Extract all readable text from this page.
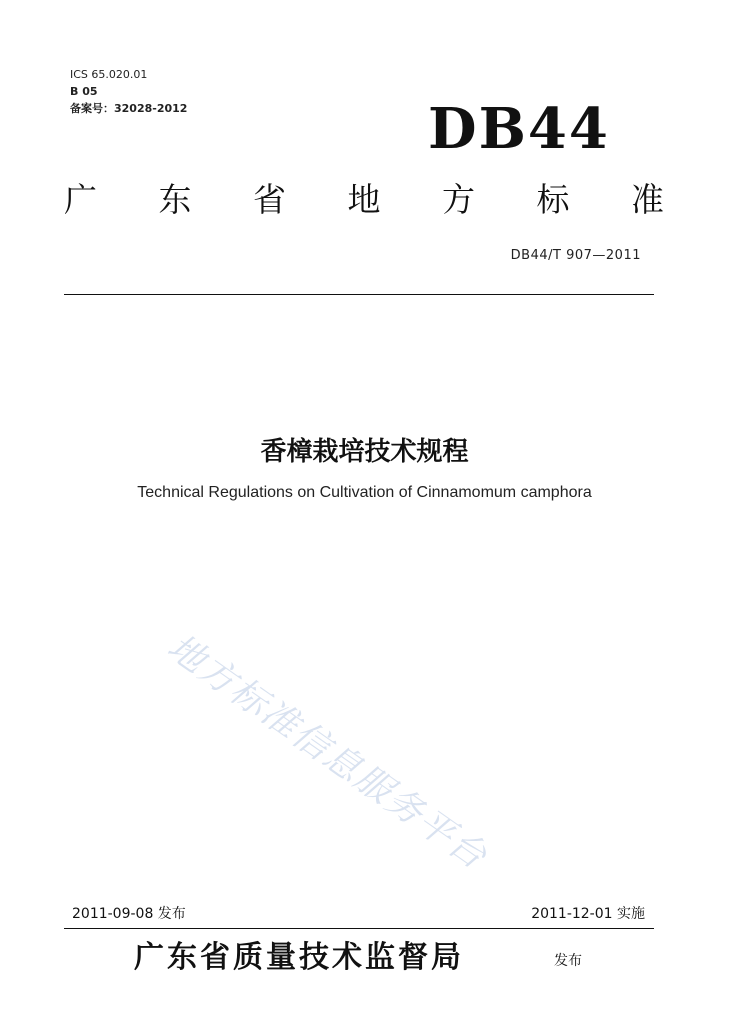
ICS 65.020.01
B 05
备案号：32028-2012	DB44
广 东 省 地 方 标 准
DB44/T 907—2011
香樟栽培技术规程
Technical Regulations on Cultivation of Cinnamomum camphora
地方标准信息服务平台
2011-09-08 发布	2011-12-01 实施
广东省质量技术监督局	发布
